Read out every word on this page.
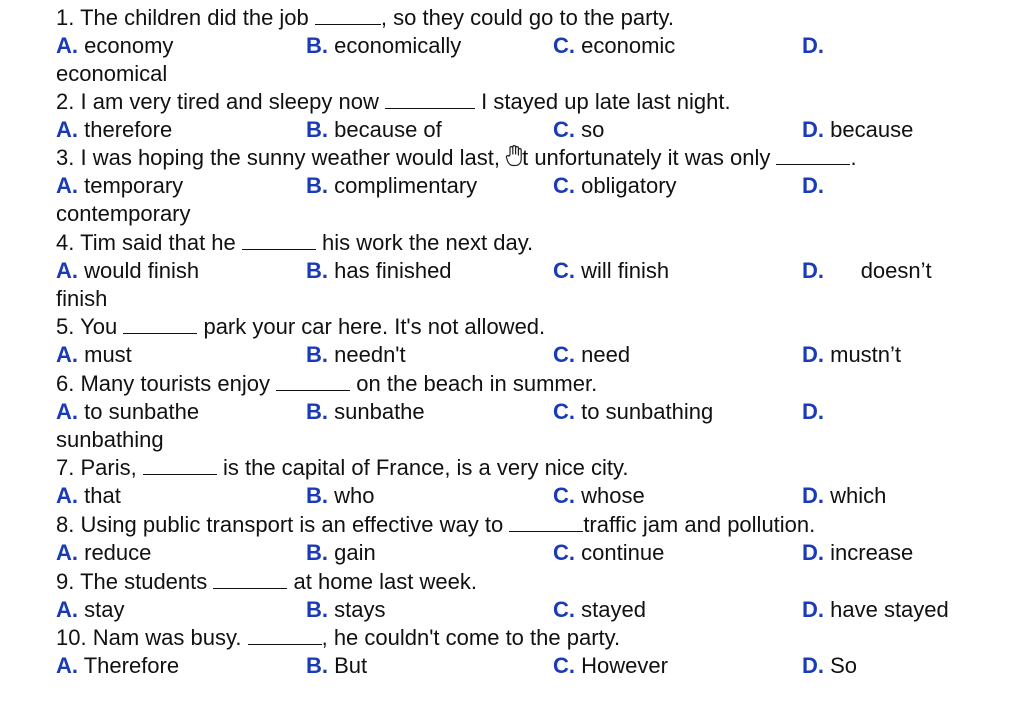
1. The children did the job	, so they could go to the party.
A. economy	B. economically	C. economic	D.
economical
2. I am very tired and sleepy now	I stayed up late last night.
A. therefore	B. because of	C. so	D. because
3. I was hoping the sunny weather would last, t unfortunately it was only	.
A. temporary	B. complimentary	C. obligatory	D.
contemporary
4. Tim said that he	his work the next day.
A. would finish	B. has finished	C. will finish	D. doesn’t
finish
5. You	park your car here. It's not allowed.
A. must	B. needn't	C. need	D. mustn’t
6. Many tourists enjoy	on the beach in summer.
A. to sunbathe	B. sunbathe	C. to sunbathing	D.
sunbathing
7. Paris,	is the capital of France, is a very nice city.
A. that	B. who	C. whose	D. which
8. Using public transport is an effective way to	traffic jam and pollution.
A. reduce	B. gain	C. continue	D. increase
9. The students	at home last week.
A. stay	B. stays	C. stayed	D. have stayed
10. Nam was busy.	, he couldn't come to the party.
A. Therefore	B. But	C. However	D. So
